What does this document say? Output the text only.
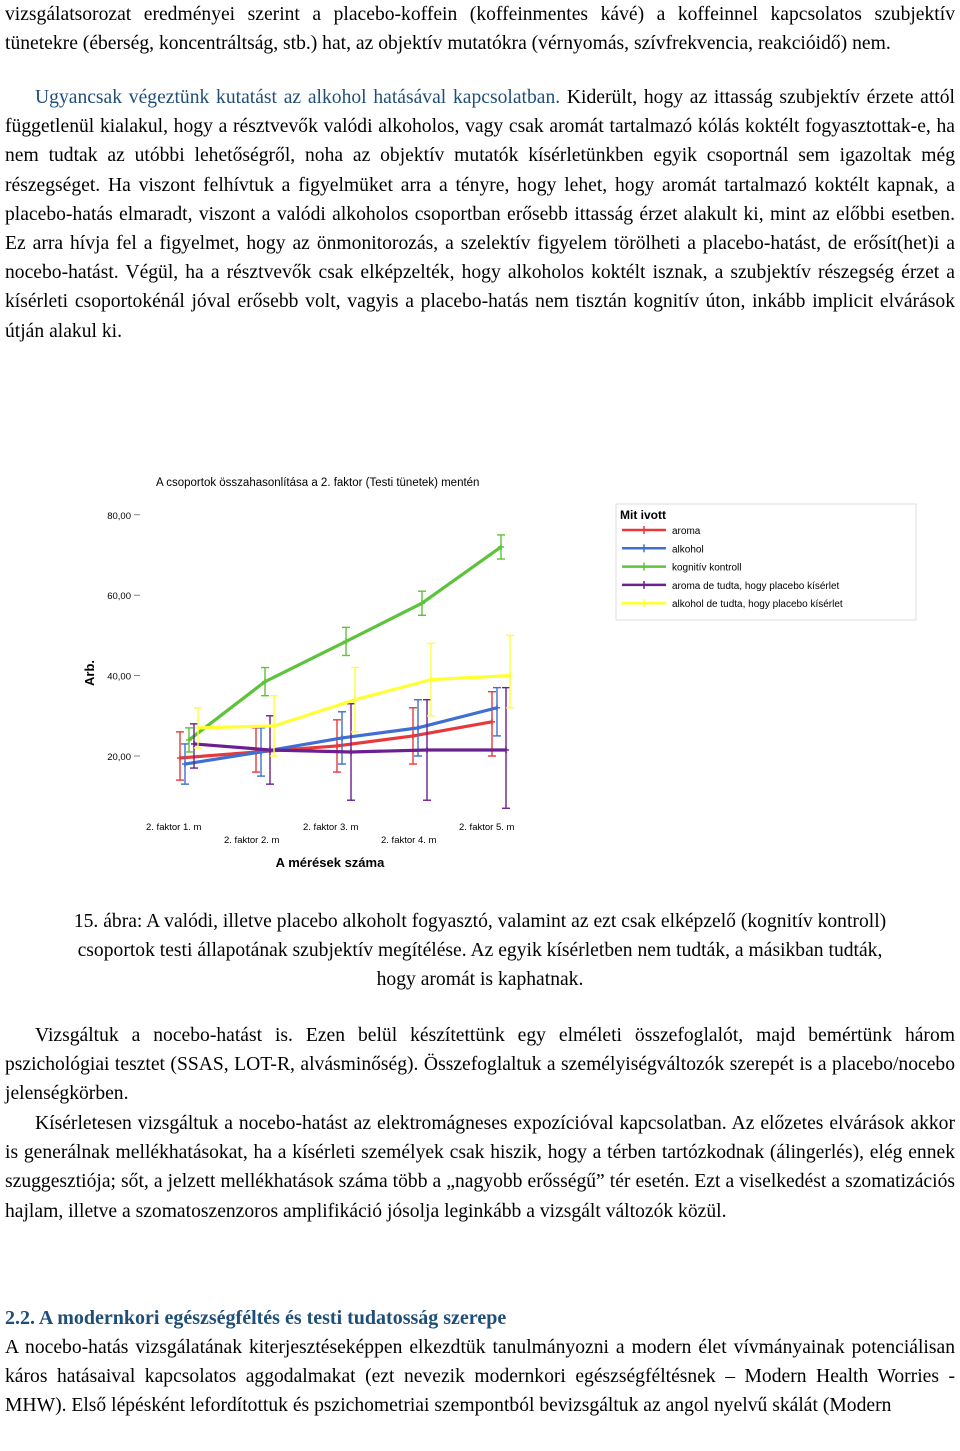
vizsgálatsorozat eredményei szerint a placebo-koffein (koffeinmentes kávé) a koffeinnel kapcsolatos szubjektív tünetekre (éberség, koncentráltság, stb.) hat, az objektív mutatókra (vérnyomás, szívfrekvencia, reakcióidő) nem.
Ugyancsak végeztünk kutatást az alkohol hatásával kapcsolatban. Kiderült, hogy az ittasság szubjektív érzete attól függetlenül kialakul, hogy a résztvevők valódi alkoholos, vagy csak aromát tartalmazó kólás koktélt fogyasztottak-e, ha nem tudtak az utóbbi lehetőségről, noha az objektív mutatók kísérletünkben egyik csoportnál sem igazoltak még részegséget. Ha viszont felhívtuk a figyelmüket arra a tényre, hogy lehet, hogy aromát tartalmazó koktélt kapnak, a placebo-hatás elmaradt, viszont a valódi alkoholos csoportban erősebb ittasság érzet alakult ki, mint az előbbi esetben. Ez arra hívja fel a figyelmet, hogy az önmonitorozás, a szelektív figyelem törölheti a placebo-hatást, de erősít(het)i a nocebo-hatást. Végül, ha a résztvevők csak elképzelték, hogy alkoholos koktélt isznak, a szubjektív részegség érzet a kísérleti csoportokénál jóval erősebb volt, vagyis a placebo-hatás nem tisztán kognitív úton, inkább implicit elvárások útján alakul ki.
A csoportok összahasonlítása a 2. faktor (Testi tünetek) mentén
20,00
40,00
60,00
80,00
2. faktor 1. m
2. faktor 2. m
2. faktor 3. m
2. faktor 4. m
2. faktor 5. m
Arb.
A mérések száma
Mit ivott
aroma
alkohol
kognitív kontroll
aroma de tudta, hogy placebo kísérlet
alkohol de tudta, hogy placebo kísérlet
15. ábra: A valódi, illetve placebo alkoholt fogyasztó, valamint az ezt csak elképzelő (kognitív kontroll) csoportok testi állapotának szubjektív megítélése. Az egyik kísérletben nem tudták, a másikban tudták, hogy aromát is kaphatnak.
Vizsgáltuk a nocebo-hatást is. Ezen belül készítettünk egy elméleti összefoglalót, majd bemértünk három pszichológiai tesztet (SSAS, LOT-R, alvásminőség). Összefoglaltuk a személyiségváltozók szerepét is a placebo/nocebo jelenségkörben.
Kísérletesen vizsgáltuk a nocebo-hatást az elektromágneses expozícióval kapcsolatban. Az előzetes elvárások akkor is generálnak mellékhatásokat, ha a kísérleti személyek csak hiszik, hogy a térben tartózkodnak (álingerlés), elég ennek szuggesztiója; sőt, a jelzett mellékhatások száma több a „nagyobb erősségű” tér esetén. Ezt a viselkedést a szomatizációs hajlam, illetve a szomatoszenzoros amplifikáció jósolja leginkább a vizsgált változók közül.
2.2. A modernkori egészségféltés és testi tudatosság szerepe
A nocebo-hatás vizsgálatának kiterjesztéseképpen elkezdtük tanulmányozni a modern élet vívmányainak potenciálisan káros hatásaival kapcsolatos aggodalmakat (ezt nevezik modernkori egészségféltésnek – Modern Health Worries - MHW). Első lépésként lefordítottuk és pszichometriai szempontból bevizsgáltuk az angol nyelvű skálát (Modern
